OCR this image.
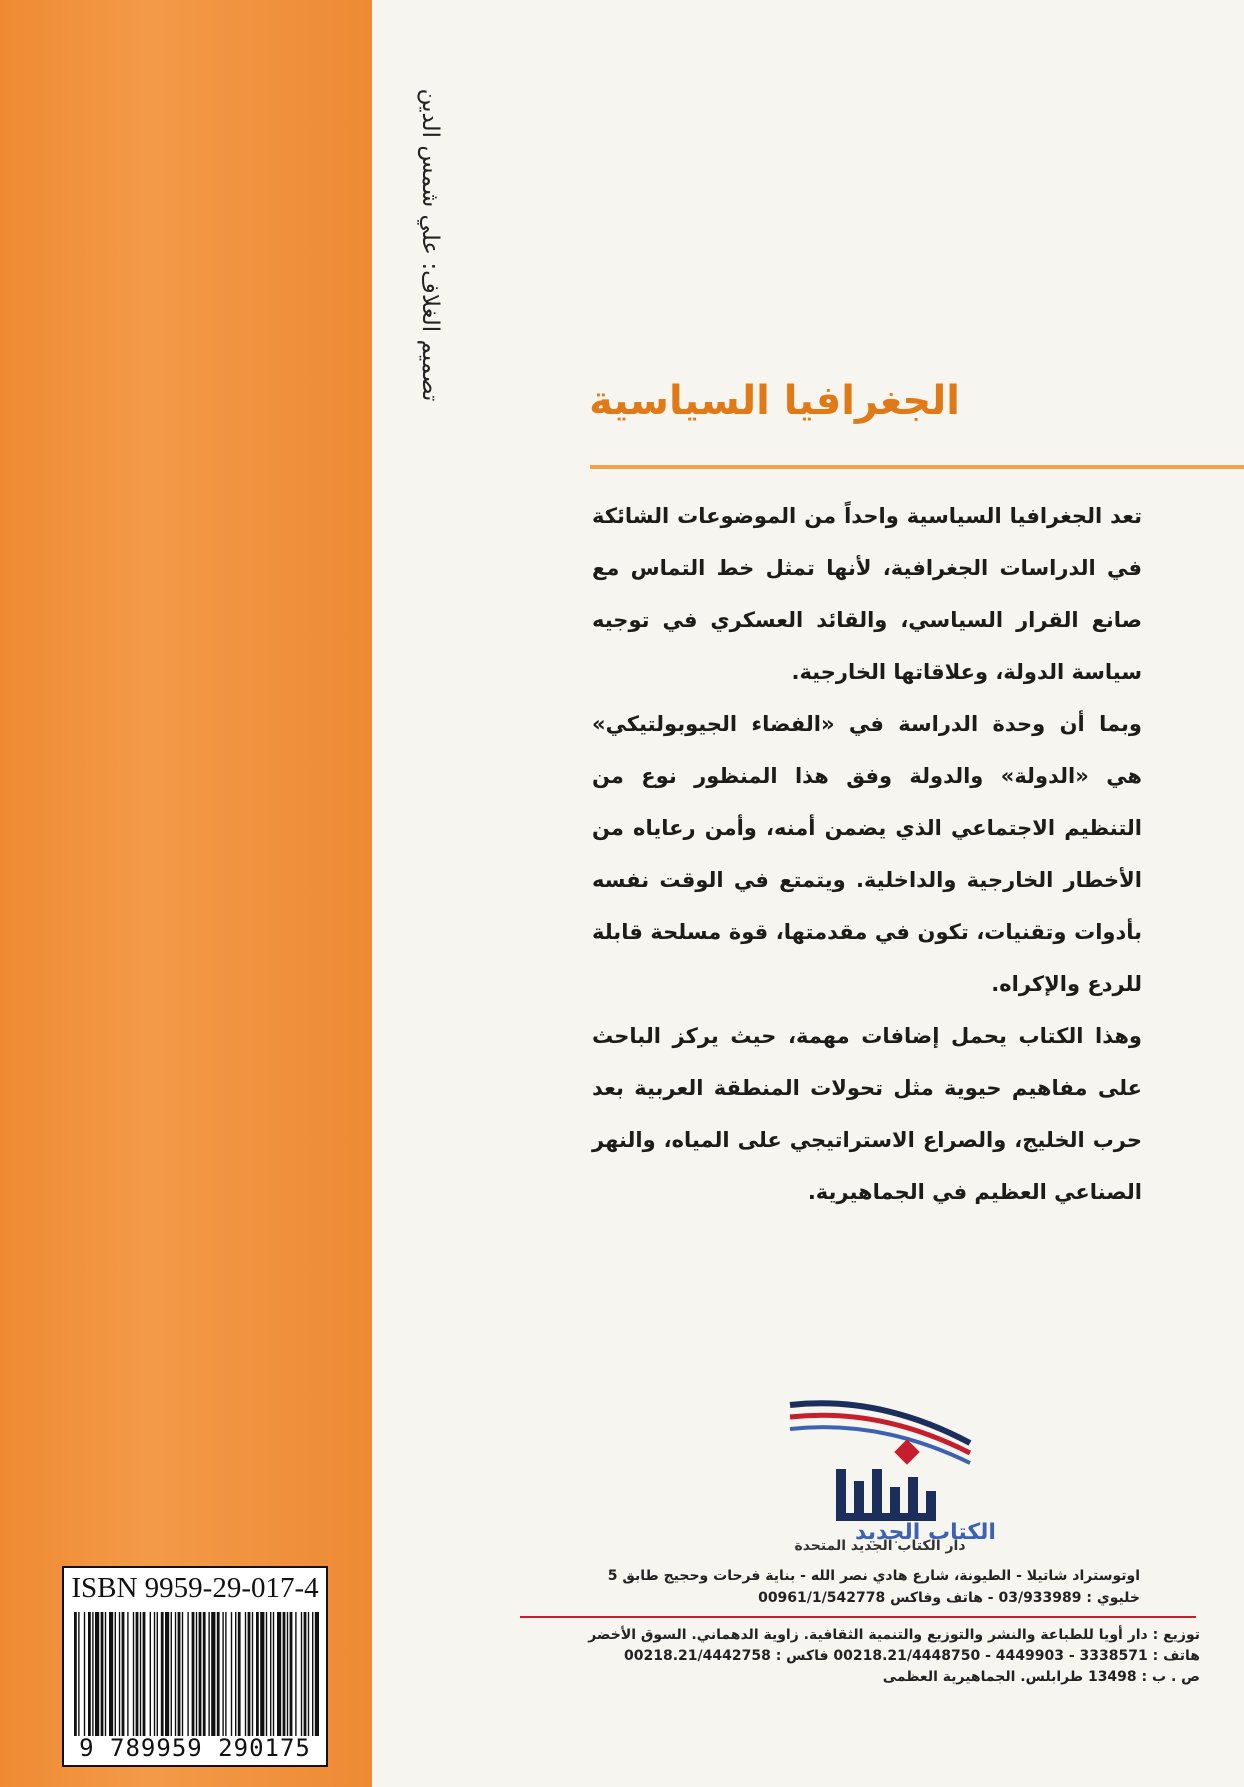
تصميم الغلاف: علي شمس الدين	الجغرافيا السياسية

تعد الجغرافيا السياسية واحداً من الموضوعات الشائكة في الدراسات الجغرافية، لأنها تمثل خط التماس مع صانع القرار السياسي، والقائد العسكري في توجيه سياسة الدولة، وعلاقاتها الخارجية.

وبما أن وحدة الدراسة في «الفضاء الجيوبولتيكي» هي «الدولة» والدولة وفق هذا المنظور نوع من التنظيم الاجتماعي الذي يضمن أمنه، وأمن رعاياه من الأخطار الخارجية والداخلية. ويتمتع في الوقت نفسه بأدوات وتقنيات، تكون في مقدمتها، قوة مسلحة قابلة للردع والإكراه.

وهذا الكتاب يحمل إضافات مهمة، حيث يركز الباحث على مفاهيم حيوية مثل تحولات المنطقة العربية بعد حرب الخليج، والصراع الاستراتيجي على المياه، والنهر الصناعي العظيم في الجماهيرية.

الكتاب الجديد
دار الكتاب الجديد المتحدة
اوتوستراد شاتيلا - الطيونة، شارع هادي نصر الله - بناية فرحات وحجيج طابق 5
خليوي : 03/933989 - هاتف وفاكس 00961/1/542778
توزيع : دار أويا للطباعة والنشر والتوزيع والتنمية الثقافية. زاوية الدهماني. السوق الأخضر
هاتف : 3338571 - 4449903 - 00218.21/4448750 فاكس : 00218.21/4442758
ص . ب : 13498 طرابلس. الجماهيرية العظمى
ISBN 9959-29-017-4
9 789959 290175
